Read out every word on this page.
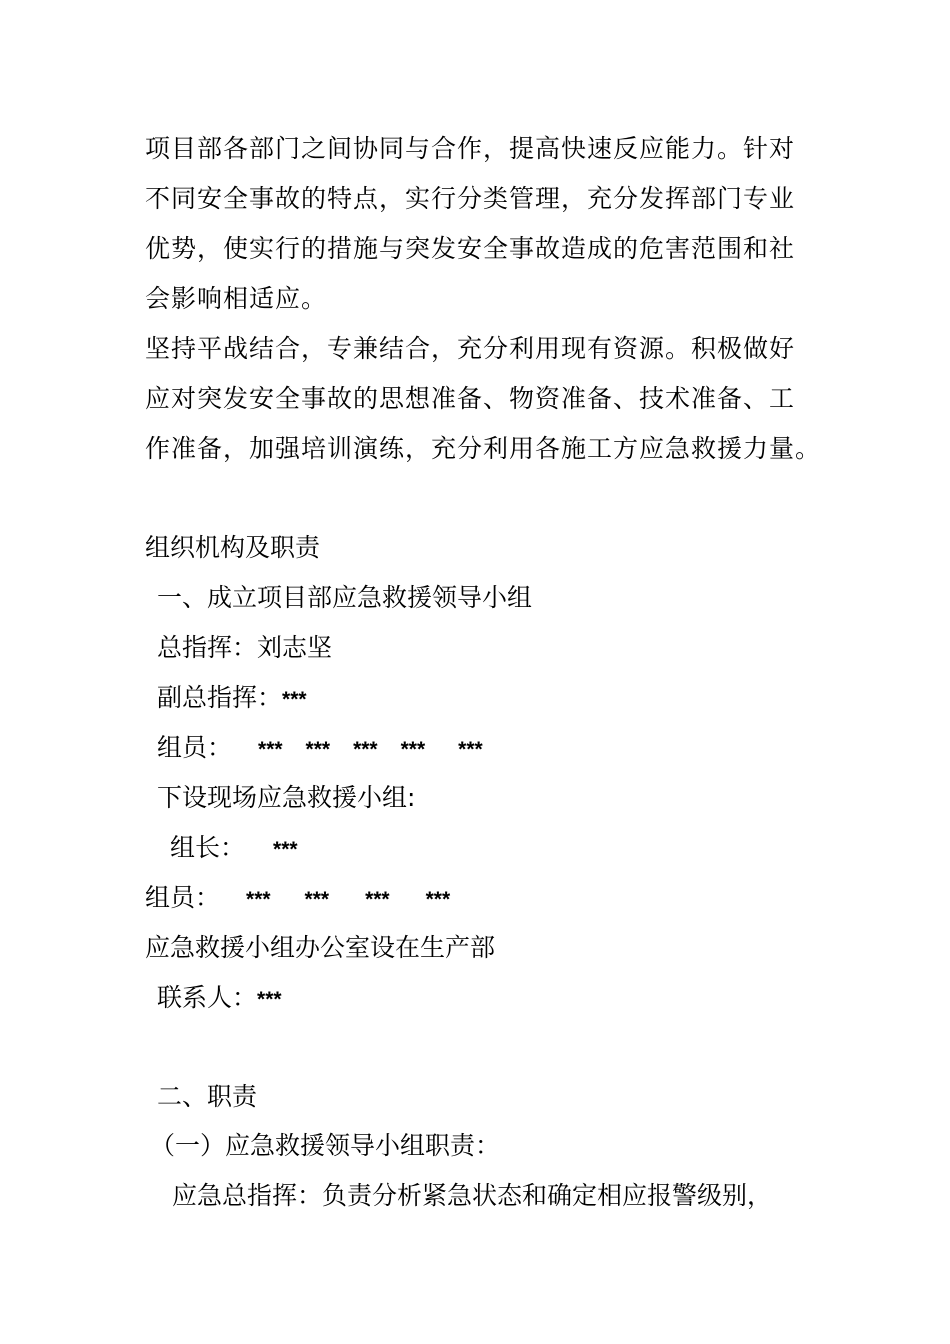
项目部各部门之间协同与合作，提高快速反应能力。针对
不同安全事故的特点，实行分类管理，充分发挥部门专业
优势，使实行的措施与突发安全事故造成的危害范围和社
会影响相适应。
坚持平战结合，专兼结合，充分利用现有资源。积极做好
应对突发安全事故的思想准备、物资准备、技术准备、工
作准备，加强培训演练，充分利用各施工方应急救援力量。
组织机构及职责
一、成立项目部应急救援领导小组
总指挥：刘志坚
副总指挥：***
组员： *** *** *** *** ***
下设现场应急救援小组:
组长： ***
组员： *** *** *** ***
应急救援小组办公室设在生产部
联系人：***
二、职责
（一）应急救援领导小组职责：
应急总指挥：负责分析紧急状态和确定相应报警级别，
